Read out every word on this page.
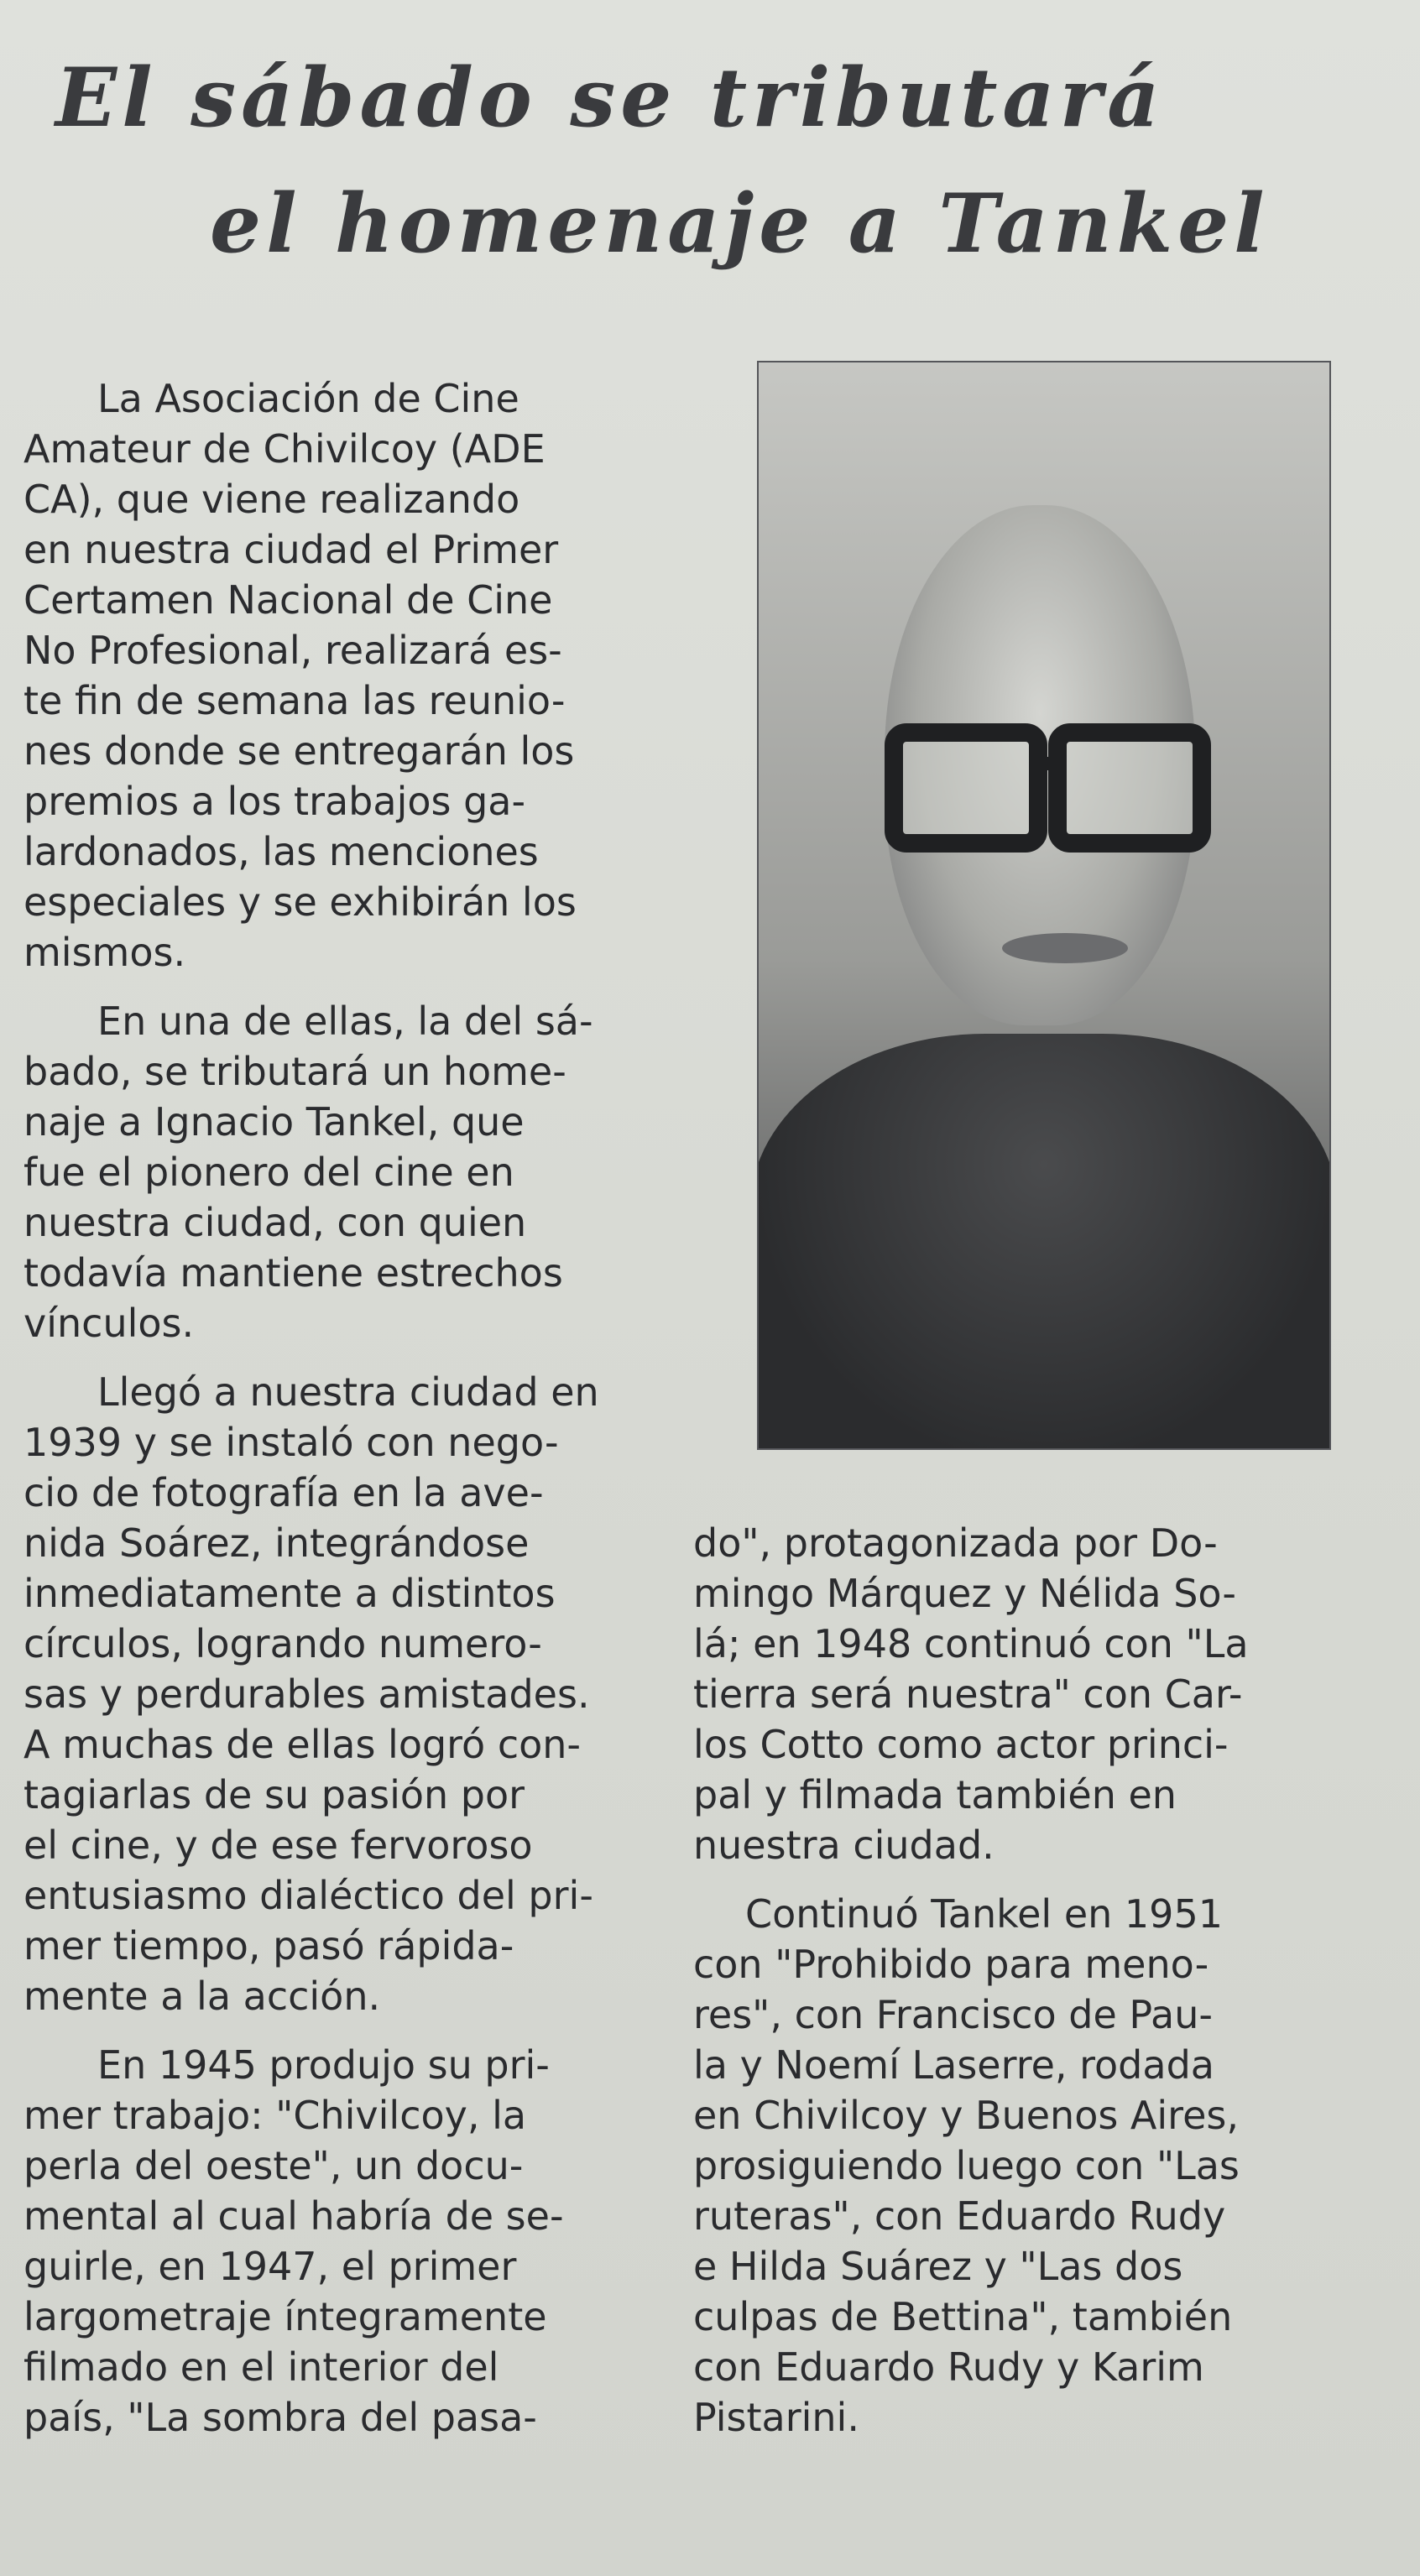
El sábado se tributará
el homenaje a Tankel
La Asociación de Cine
Amateur de Chivilcoy (ADE
CA), que viene realizando
en nuestra ciudad el Primer
Certamen Nacional de Cine
No Profesional, realizará es-
te fin de semana las reunio-
nes donde se entregarán los
premios a los trabajos ga-
lardonados, las menciones
especiales y se exhibirán los
mismos.
En una de ellas, la del sá-
bado, se tributará un home-
naje a Ignacio Tankel, que
fue el pionero del cine en
nuestra ciudad, con quien
todavía mantiene estrechos
vínculos.
Llegó a nuestra ciudad en
1939 y se instaló con nego-
cio de fotografía en la ave-
nida Soárez, integrándose
inmediatamente a distintos
círculos, logrando numero-
sas y perdurables amistades.
A muchas de ellas logró con-
tagiarlas de su pasión por
el cine, y de ese fervoroso
entusiasmo dialéctico del pri-
mer tiempo, pasó rápida-
mente a la acción.
En 1945 produjo su pri-
mer trabajo: "Chivilcoy, la
perla del oeste", un docu-
mental al cual habría de se-
guirle, en 1947, el primer
largometraje íntegramente
filmado en el interior del
país, "La sombra del pasa-
do", protagonizada por Do-
mingo Márquez y Nélida So-
lá; en 1948 continuó con "La
tierra será nuestra" con Car-
los Cotto como actor princi-
pal y filmada también en
nuestra ciudad.
Continuó Tankel en 1951
con "Prohibido para meno-
res", con Francisco de Pau-
la y Noemí Laserre, rodada
en Chivilcoy y Buenos Aires,
prosiguiendo luego con "Las
ruteras", con Eduardo Rudy
e Hilda Suárez y "Las dos
culpas de Bettina", también
con Eduardo Rudy y Karim
Pistarini.
